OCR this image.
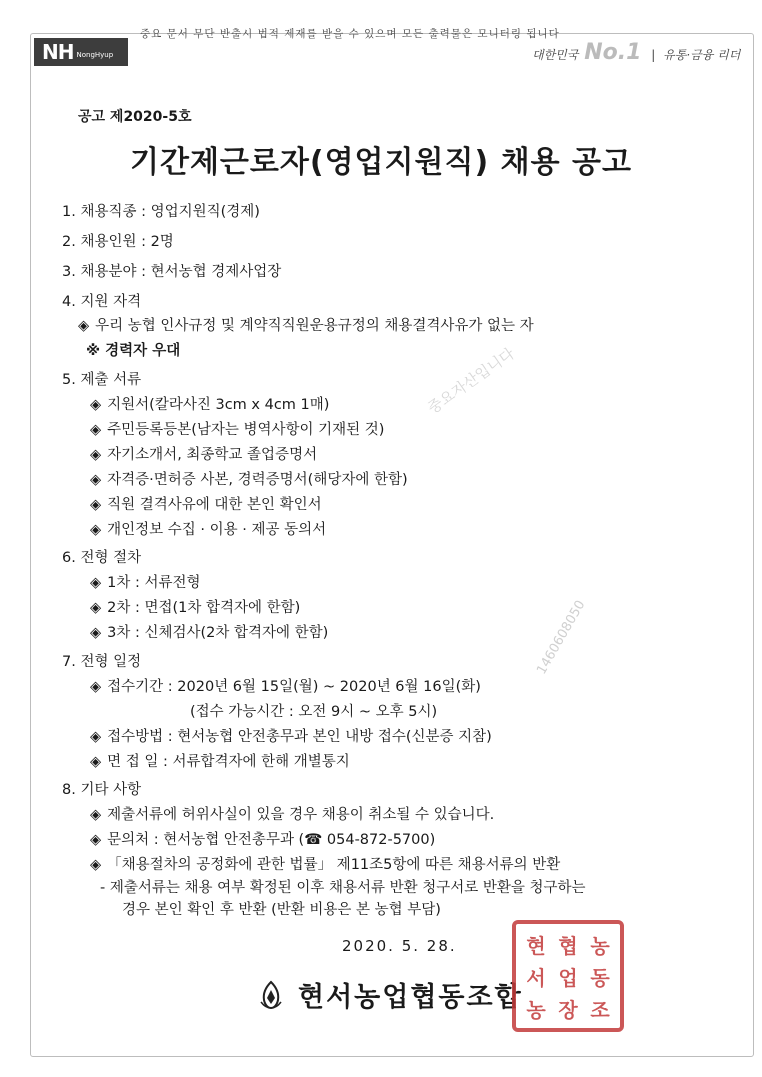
NH NongHyup
중요 문서 무단 반출시 법적 제재를 받을 수 있으며 모든 출력물은 모니터링 됩니다
대한민국 No.1 | 유통·금융 리더
중요자산입니다
1460608050
공고 제2020-5호
기간제근로자(영업지원직) 채용 공고
1. 채용직종 : 영업지원직(경제)
2. 채용인원 : 2명
3. 채용분야 : 현서농협 경제사업장
4. 지원 자격
◈ 우리 농협 인사규정 및 계약직직원운용규정의 채용결격사유가 없는 자
※ 경력자 우대
5. 제출 서류
◈ 지원서(칼라사진 3cm x 4cm 1매)
◈ 주민등록등본(남자는 병역사항이 기재된 것)
◈ 자기소개서, 최종학교 졸업증명서
◈ 자격증·면허증 사본, 경력증명서(해당자에 한함)
◈ 직원 결격사유에 대한 본인 확인서
◈ 개인정보 수집 · 이용 · 제공 동의서
6. 전형 절차
◈ 1차 : 서류전형
◈ 2차 : 면접(1차 합격자에 한함)
◈ 3차 : 신체검사(2차 합격자에 한함)
7. 전형 일정
◈ 접수기간 : 2020년 6월 15일(월) ~ 2020년 6월 16일(화)
(접수 가능시간 : 오전 9시 ~ 오후 5시)
◈ 접수방법 : 현서농협 안전총무과 본인 내방 접수(신분증 지참)
◈ 면 접 일 : 서류합격자에 한해 개별통지
8. 기타 사항
◈ 제출서류에 허위사실이 있을 경우 채용이 취소될 수 있습니다.
◈ 문의처 : 현서농협 안전총무과 (☎ 054-872-5700)
◈ 「채용절차의 공정화에 관한 법률」 제11조5항에 따른 채용서류의 반환
- 제출서류는 채용 여부 확정된 이후 채용서류 반환 청구서로 반환을 청구하는
경우 본인 확인 후 반환 (반환 비용은 본 농협 부담)
2020. 5. 28.
현서농업협동조합
현 협 농
서 업 동
농 장 조
